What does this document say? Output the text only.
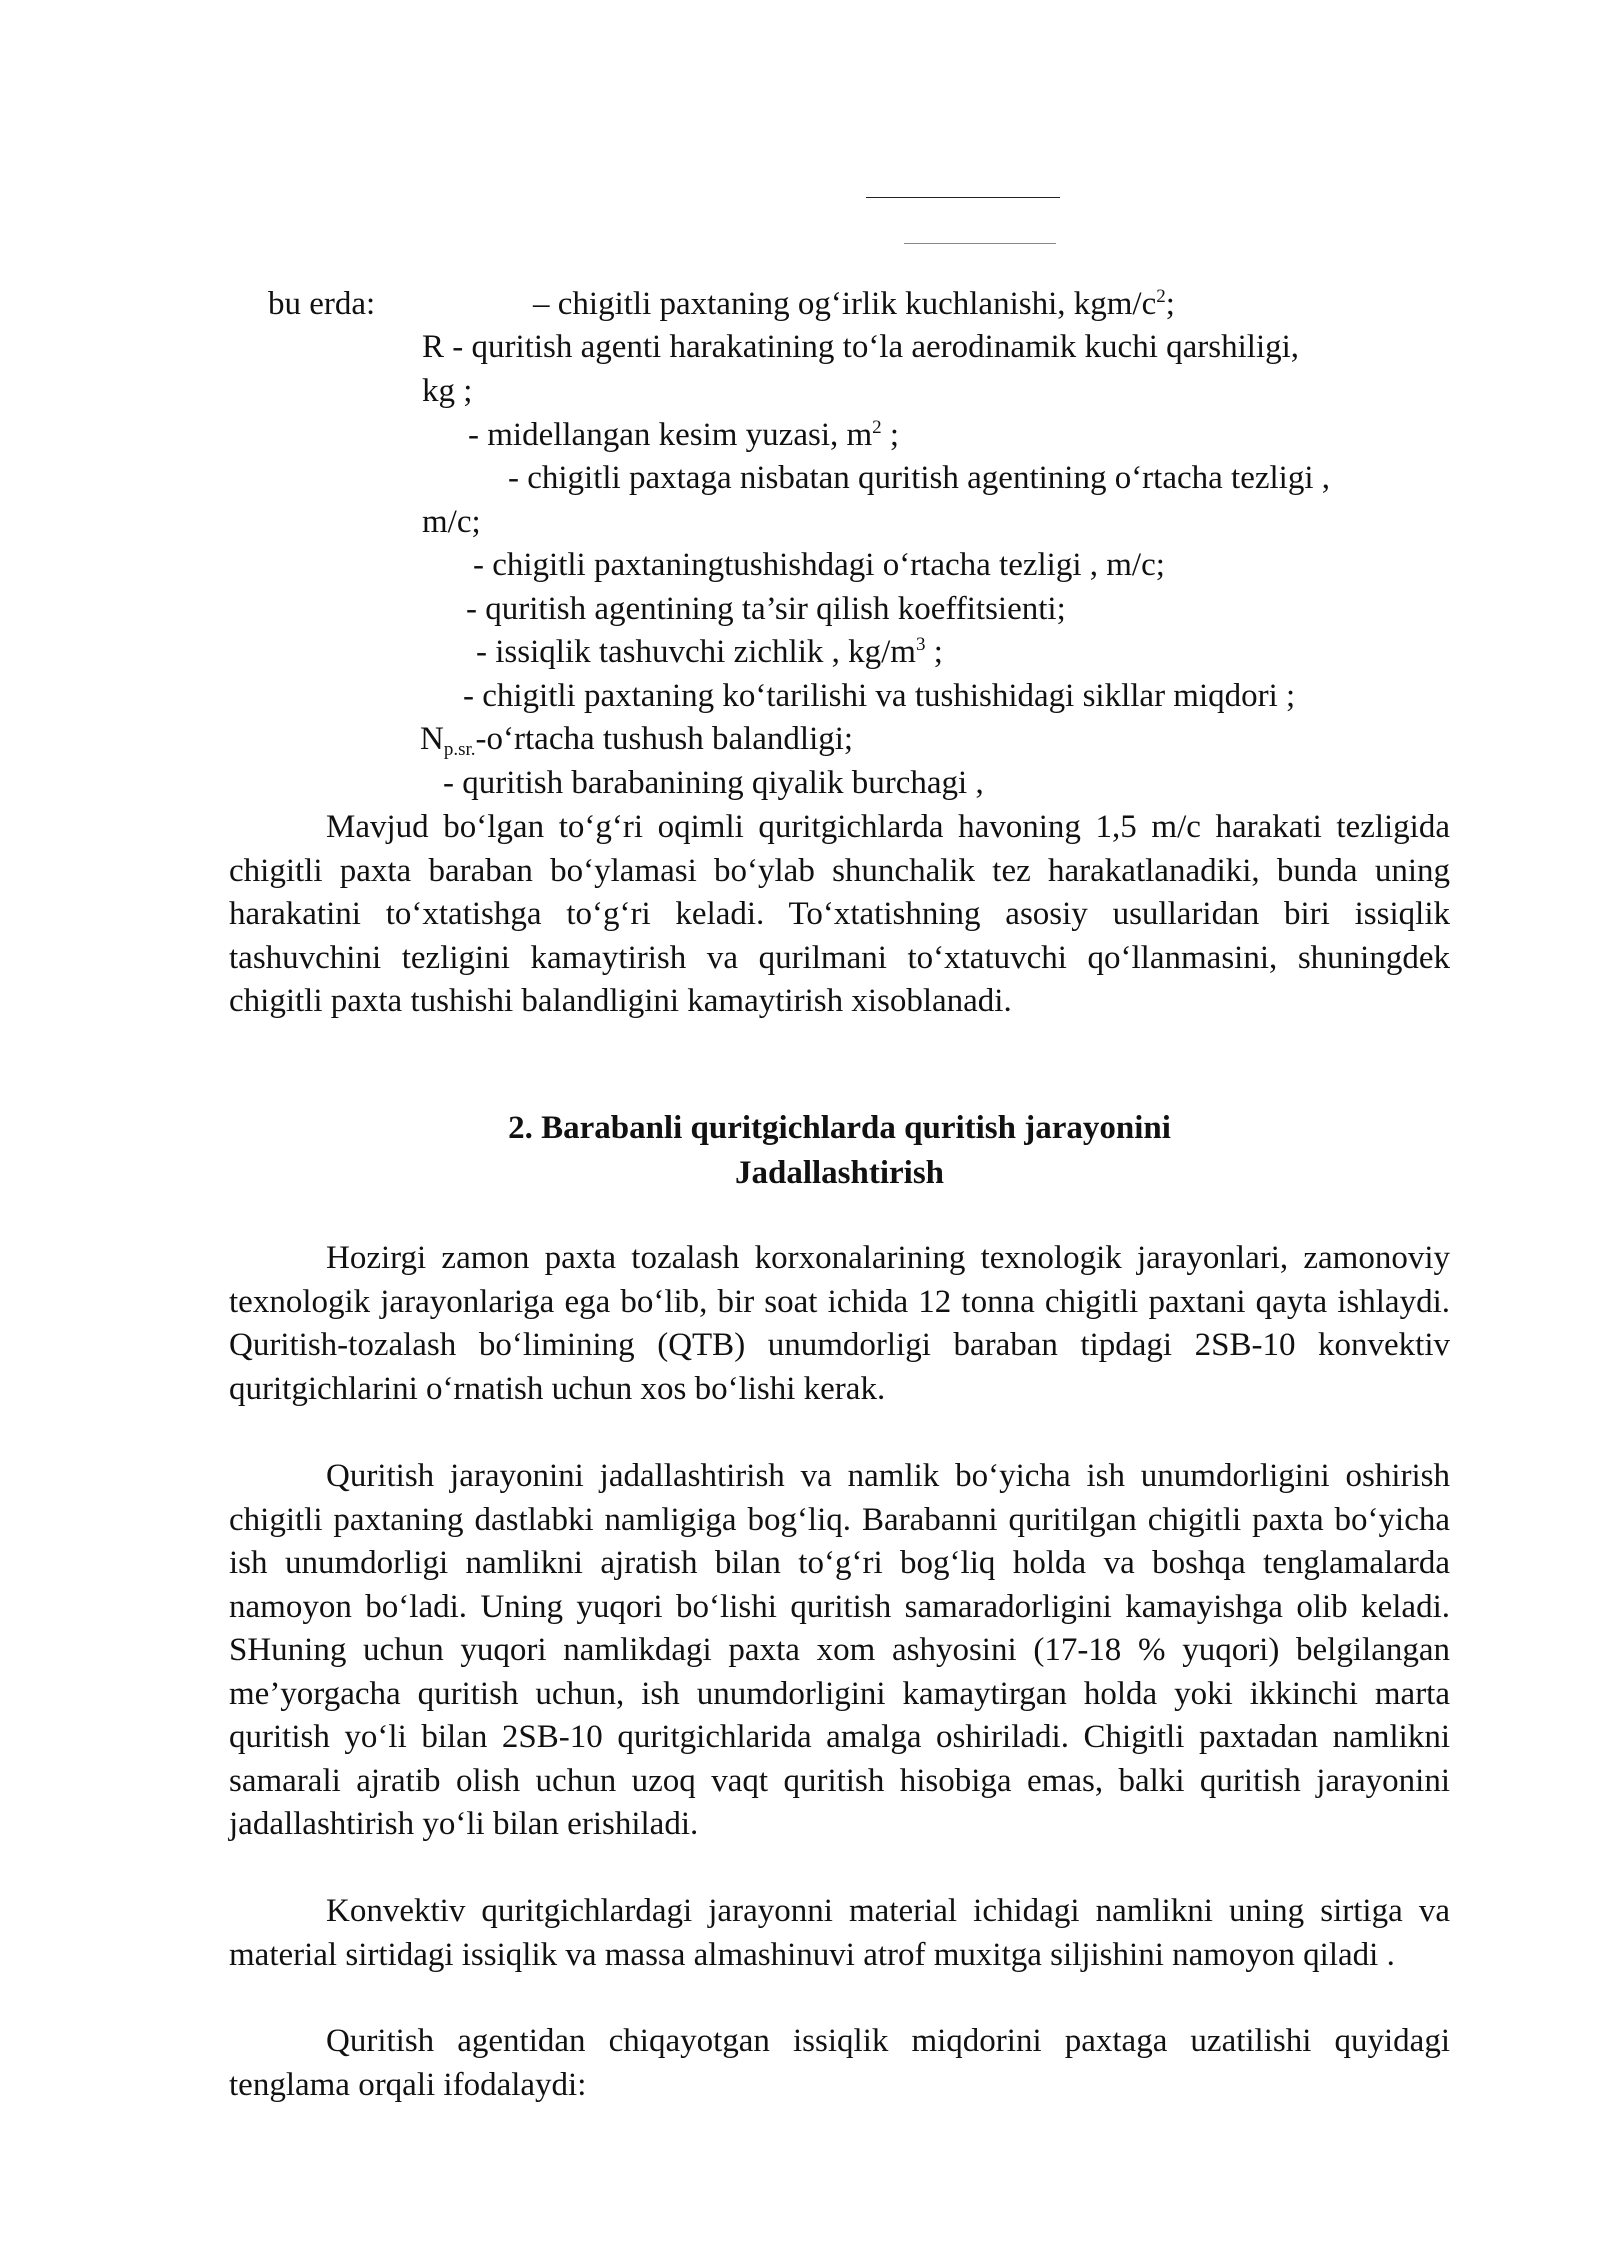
bu erda:	– chigitli paxtaning og‘irlik kuchlanishi, kgm/$c^2$;
R - quritish agenti harakatining to‘la aerodinamik kuchi qarshiligi,
kg ;
- midellangan kesim yuzasi, $m^2$ ;
- chigitli paxtaga nisbatan quritish agentining o‘rtacha tezligi ,
m/c;
- chigitli paxtaningtushishdagi o‘rtacha tezligi , m/c;
- quritish agentining ta’sir qilish koeffitsienti;
- issiqlik tashuvchi zichlik , $kg/m^3$ ;
- chigitli paxtaning ko‘tarilishi va tushishidagi sikllar miqdori ;
$N_{p.sr.}-o‘rtacha$ tushush balandligi;
- quritish barabanining qiyalik burchagi ,
Mavjud bo‘lgan to‘g‘ri oqimli quritgichlarda havoning 1,5 m/c harakati tezligida chigitli paxta baraban bo‘ylamasi bo‘ylab shunchalik tez harakatlanadiki, bunda uning harakatini to‘xtatishga to‘g‘ri keladi. To‘xtatishning asosiy usullaridan biri issiqlik tashuvchini tezligini kamaytirish va qurilmani to‘xtatuvchi qo‘llanmasini, shuningdek chigitli paxta tushishi balandligini kamaytirish xisoblanadi.
2. Barabanli quritgichlarda quritish jarayonini
Jadallashtirish
Hozirgi zamon paxta tozalash korxonalarining texnologik jarayonlari, zamonoviy texnologik jarayonlariga ega bo‘lib, bir soat ichida 12 tonna chigitli paxtani qayta ishlaydi. Quritish-tozalash bo‘limining (QTB) unumdorligi baraban tipdagi 2SB-10 konvektiv quritgichlarini o‘rnatish uchun xos bo‘lishi kerak.
Quritish jarayonini jadallashtirish va namlik bo‘yicha ish unumdorligini oshirish chigitli paxtaning dastlabki namligiga bog‘liq. Barabanni quritilgan chigitli paxta bo‘yicha ish unumdorligi namlikni ajratish bilan to‘g‘ri bog‘liq holda va boshqa tenglamalarda namoyon bo‘ladi. Uning yuqori bo‘lishi quritish samaradorligini kamayishga olib keladi. SHuning uchun yuqori namlikdagi paxta xom ashyosini (17-18 % yuqori) belgilangan me’yorgacha quritish uchun, ish unumdorligini kamaytirgan holda yoki ikkinchi marta quritish yo‘li bilan 2SB-10 quritgichlarida amalga oshiriladi. Chigitli paxtadan namlikni samarali ajratib olish uchun uzoq vaqt quritish hisobiga emas, balki quritish jarayonini jadallashtirish yo‘li bilan erishiladi.
Konvektiv quritgichlardagi jarayonni material ichidagi namlikni uning sirtiga va material sirtidagi issiqlik va massa almashinuvi atrof muxitga siljishini namoyon qiladi .
Quritish agentidan chiqayotgan issiqlik miqdorini paxtaga uzatilishi quyidagi tenglama orqali ifodalaydi:
